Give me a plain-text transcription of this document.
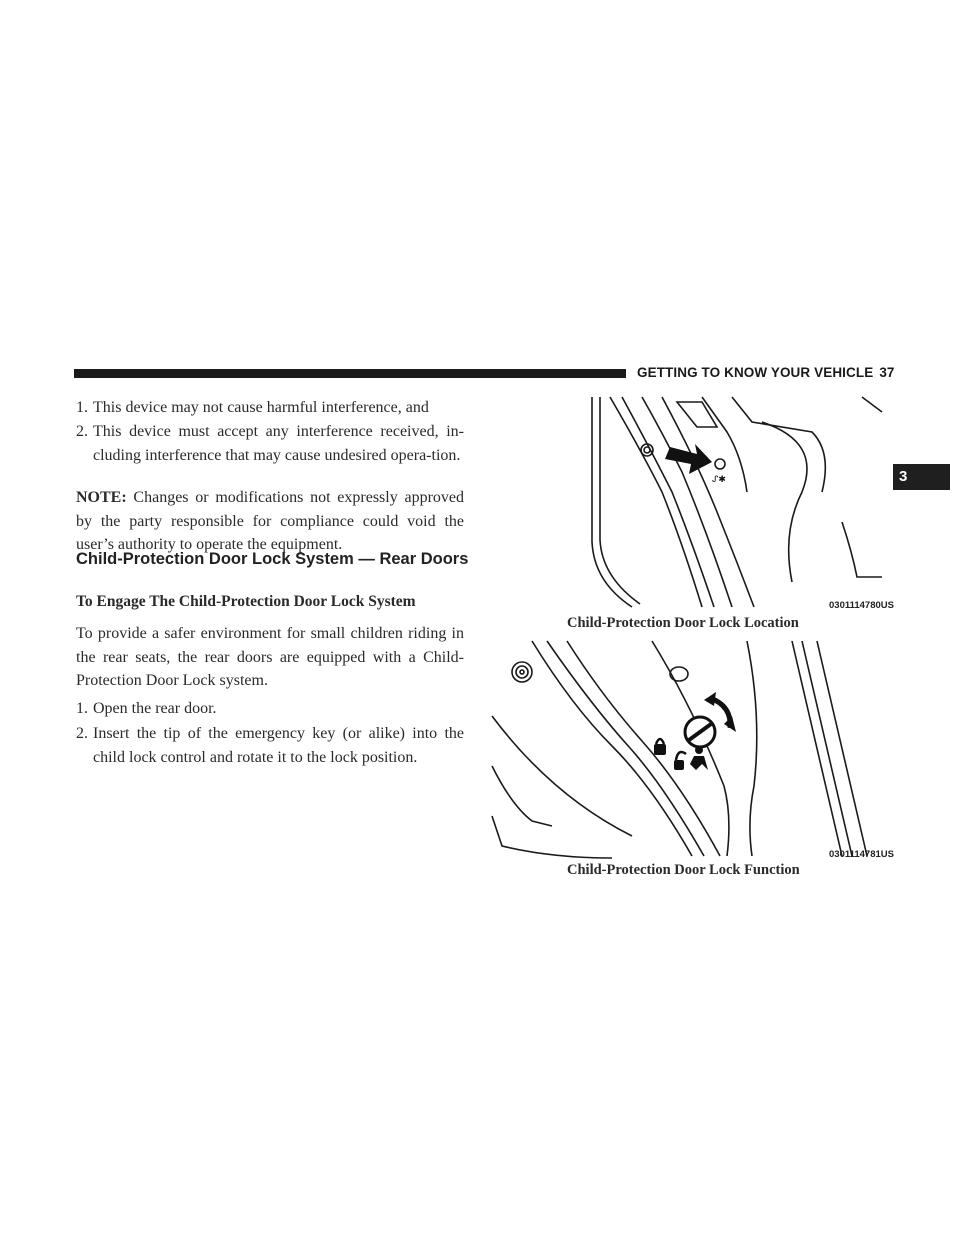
GETTING TO KNOW YOUR VEHICLE 37
3
1. This device may not cause harmful interference, and
2. This device must accept any interference received, in-cluding interference that may cause undesired opera-tion.
NOTE: Changes or modifications not expressly approved by the party responsible for compliance could void the user’s authority to operate the equipment.
Child-Protection Door Lock System — Rear Doors
To Engage The Child-Protection Door Lock System
To provide a safer environment for small children riding in the rear seats, the rear doors are equipped with a Child-Protection Door Lock system.
1. Open the rear door.
2. Insert the tip of the emergency key (or alike) into the child lock control and rotate it to the lock position.
ᔑ✱
0301114780US
Child-Protection Door Lock Location
0301114781US
Child-Protection Door Lock Function
